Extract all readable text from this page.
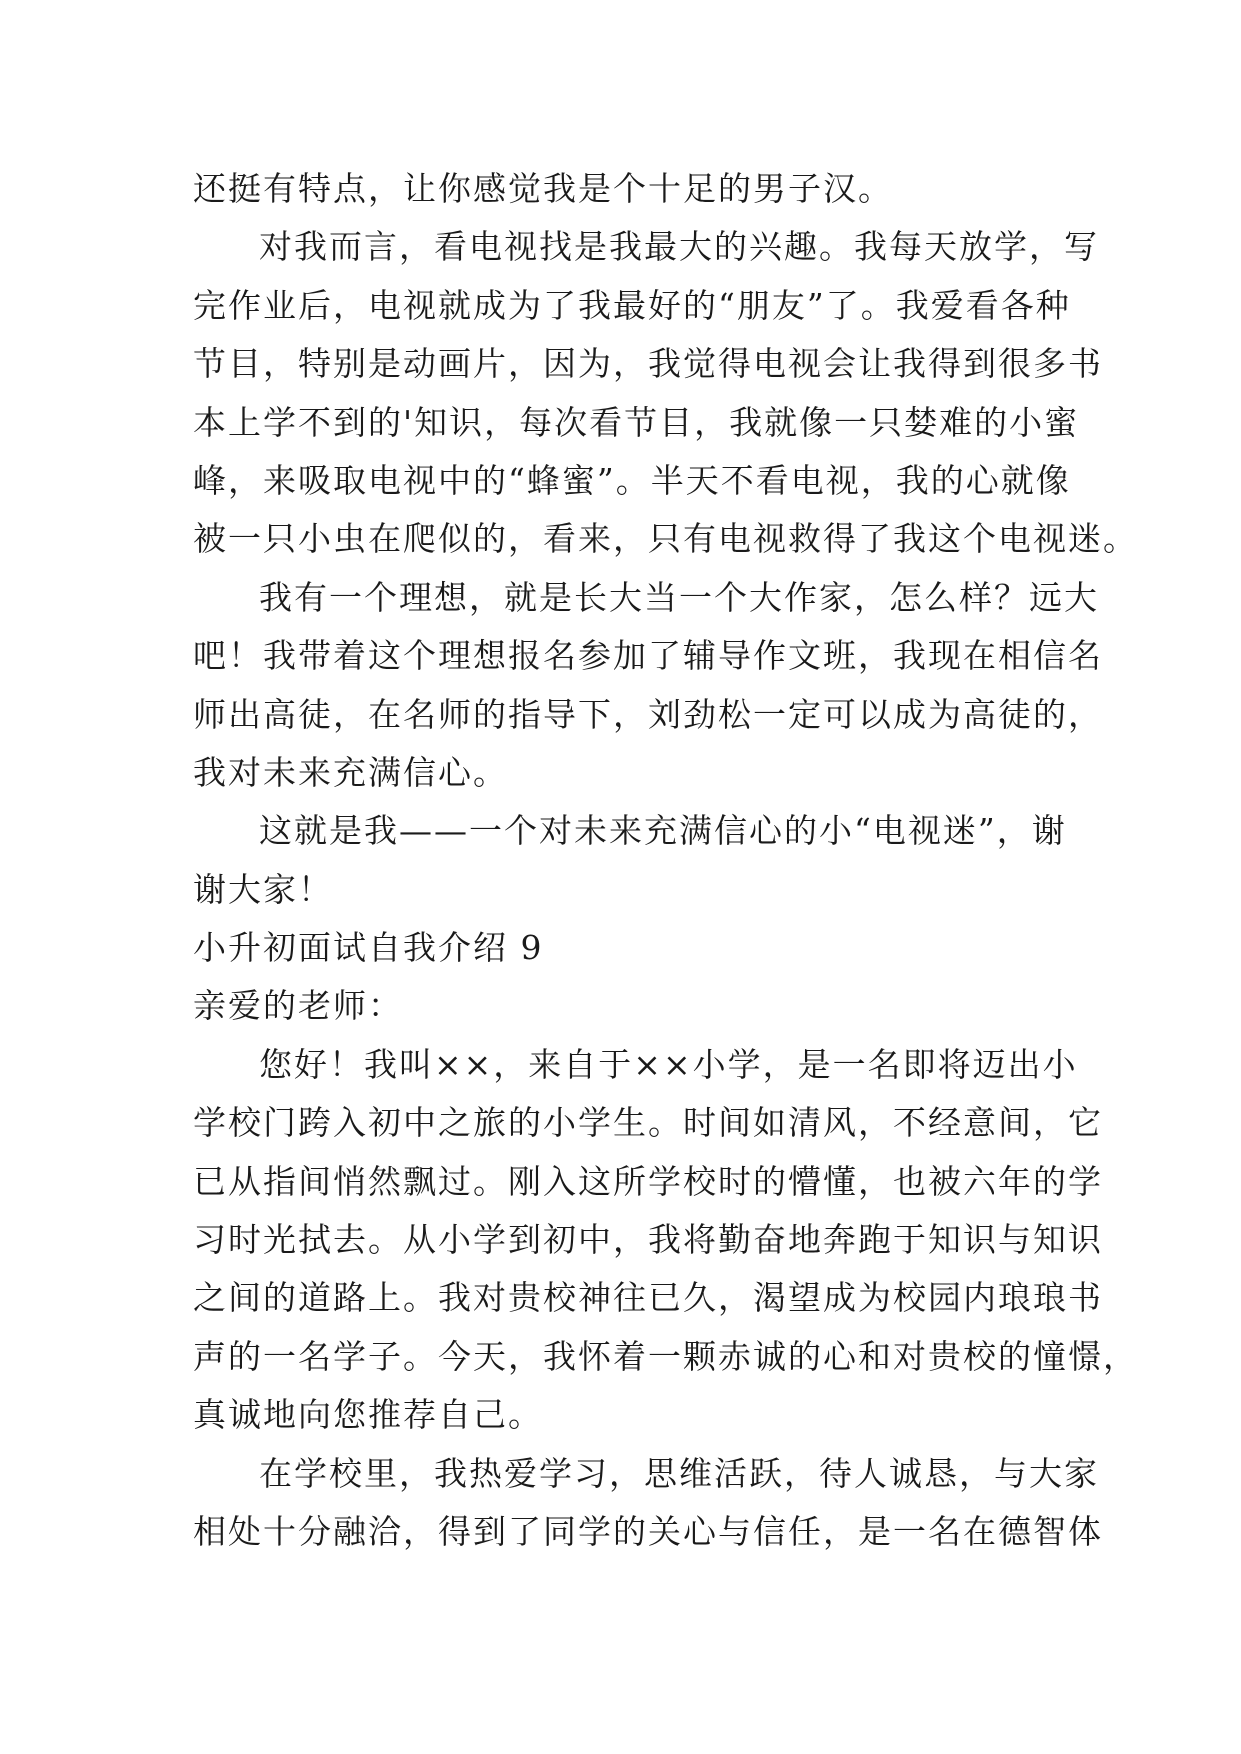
还挺有特点，让你感觉我是个十足的男子汉。
对我而言，看电视找是我最大的兴趣。我每天放学，写
完作业后，电视就成为了我最好的“朋友”了。我爱看各种
节目，特别是动画片，因为，我觉得电视会让我得到很多书
本上学不到的'知识，每次看节目，我就像一只婪难的小蜜
峰，来吸取电视中的“蜂蜜”。半天不看电视，我的心就像
被一只小虫在爬似的，看来，只有电视救得了我这个电视迷。
我有一个理想，就是长大当一个大作家，怎么样？远大
吧！我带着这个理想报名参加了辅导作文班，我现在相信名
师出高徒，在名师的指导下，刘劲松一定可以成为高徒的，
我对未来充满信心。
这就是我——一个对未来充满信心的小“电视迷”，谢
谢大家！
小升初面试自我介绍 9
亲爱的老师：
您好！我叫××，来自于××小学，是一名即将迈出小
学校门跨入初中之旅的小学生。时间如清风，不经意间，它
已从指间悄然飘过。刚入这所学校时的懵懂，也被六年的学
习时光拭去。从小学到初中，我将勤奋地奔跑于知识与知识
之间的道路上。我对贵校神往已久，渴望成为校园内琅琅书
声的一名学子。今天，我怀着一颗赤诚的心和对贵校的憧憬，
真诚地向您推荐自己。
在学校里，我热爱学习，思维活跃，待人诚恳，与大家
相处十分融洽，得到了同学的关心与信任，是一名在德智体
